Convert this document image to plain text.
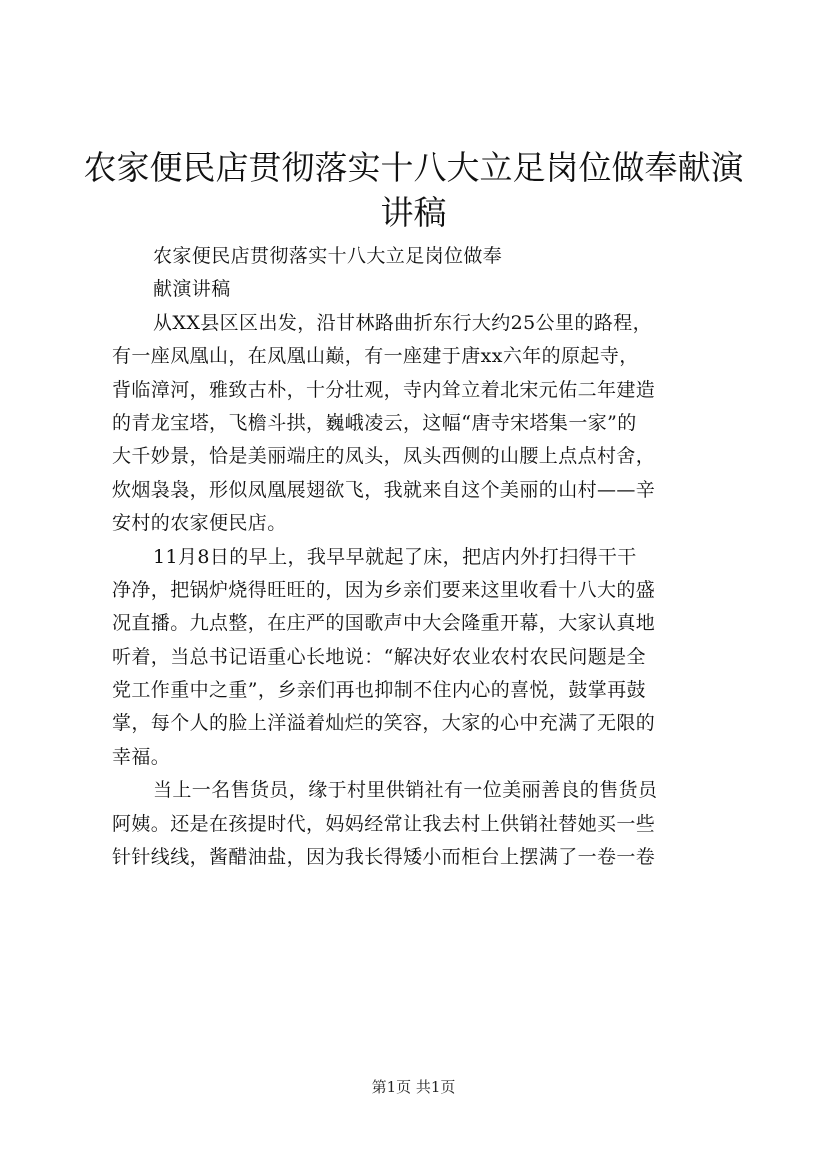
农家便民店贯彻落实十八大立足岗位做奉献演
讲稿
农家便民店贯彻落实十八大立足岗位做奉
献演讲稿
从XX县区区出发，沿甘林路曲折东行大约25公里的路程，
有一座凤凰山，在凤凰山巅，有一座建于唐xx六年的原起寺，
背临漳河，雅致古朴，十分壮观，寺内耸立着北宋元佑二年建造
的青龙宝塔，飞檐斗拱，巍峨凌云，这幅“唐寺宋塔集一家”的
大千妙景，恰是美丽端庄的凤头，凤头西侧的山腰上点点村舍，
炊烟袅袅，形似凤凰展翅欲飞，我就来自这个美丽的山村——辛
安村的农家便民店。
11月8日的早上，我早早就起了床，把店内外打扫得干干
净净，把锅炉烧得旺旺的，因为乡亲们要来这里收看十八大的盛
况直播。九点整，在庄严的国歌声中大会隆重开幕，大家认真地
听着，当总书记语重心长地说：“解决好农业农村农民问题是全
党工作重中之重”，乡亲们再也抑制不住内心的喜悦，鼓掌再鼓
掌，每个人的脸上洋溢着灿烂的笑容，大家的心中充满了无限的
幸福。
当上一名售货员，缘于村里供销社有一位美丽善良的售货员
阿姨。还是在孩提时代，妈妈经常让我去村上供销社替她买一些
针针线线，酱醋油盐，因为我长得矮小而柜台上摆满了一卷一卷
第1页 共1页
